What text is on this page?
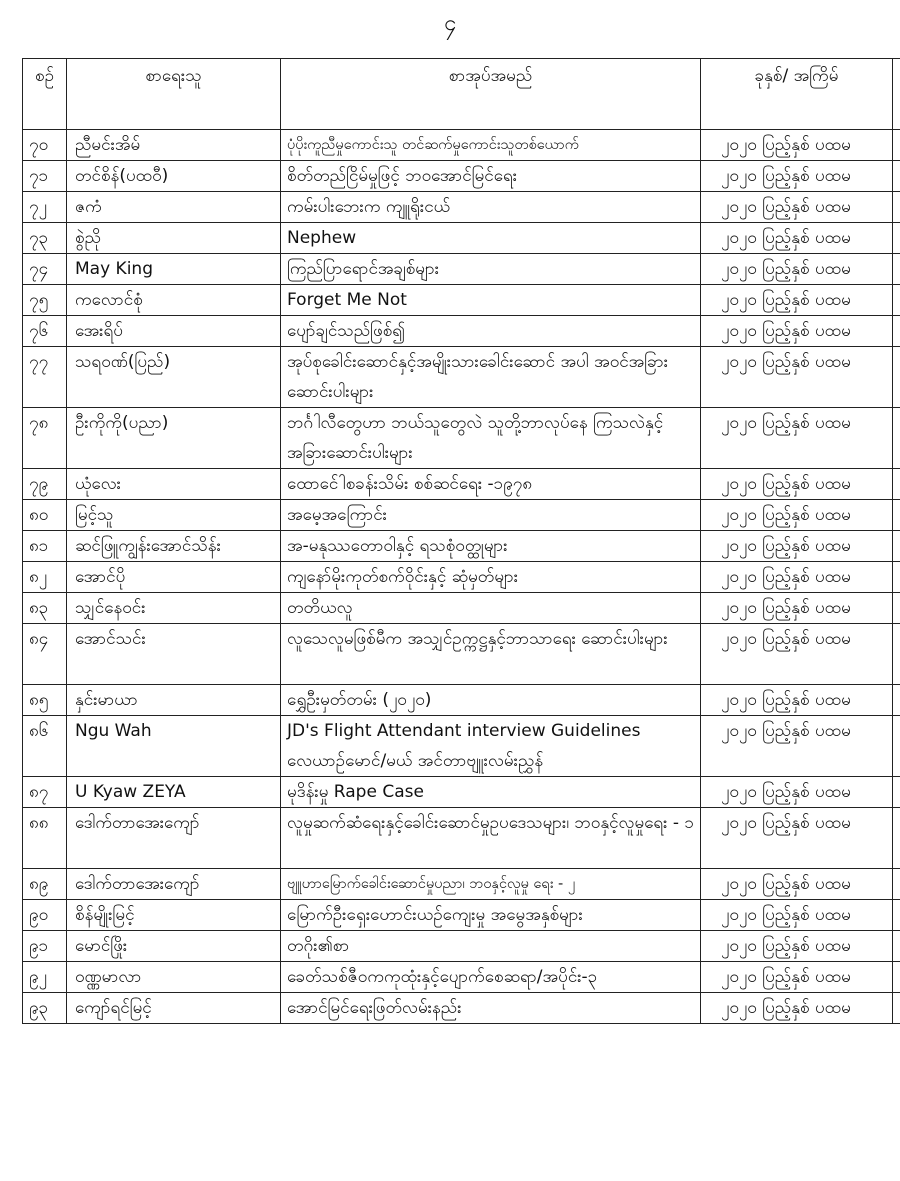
၄
စဉ်	စာရေးသူ	စာအုပ်အမည်	ခုနှစ်/ အကြိမ်	
၇၀	ညီမင်းအိမ်	ပုံပိုးကူညီမှုကောင်းသူ တင်ဆက်မှုကောင်းသူတစ်ယောက်	၂၀၂၀ ပြည့်နှစ် ပထမ	
၇၁	တင်စိန်(ပထဝီ)	စိတ်တည်ငြိမ်မှုဖြင့် ဘဝအောင်မြင်ရေး	၂၀၂၀ ပြည့်နှစ် ပထမ	
၇၂	ဇကံ	ကမ်းပါးဘေးက ကျူရိုးငယ်	၂၀၂၀ ပြည့်နှစ် ပထမ	
၇၃	စွဲညို	Nephew	၂၀၂၀ ပြည့်နှစ် ပထမ	
၇၄	May King	ကြည်ပြာရောင်အချစ်များ	၂၀၂၀ ပြည့်နှစ် ပထမ	
၇၅	ကလောင်စုံ	Forget Me Not	၂၀၂၀ ပြည့်နှစ် ပထမ	
၇၆	အေးရိပ်	ပျော်ချင်သည်ဖြစ်၍	၂၀၂၀ ပြည့်နှစ် ပထမ	
၇၇	သရဝဏ်(ပြည်)	အုပ်စုခေါင်းဆောင်နှင့်အမျိုးသားခေါင်းဆောင် အပါ အဝင်အခြားဆောင်းပါးများ	၂၀၂၀ ပြည့်နှစ် ပထမ	
၇၈	ဦးကိုကို(ပညာ)	ဘင်္ဂါလီတွေဟာ ဘယ်သူတွေလဲ သူတို့ဘာလုပ်နေ ကြသလဲနှင့် အခြားဆောင်းပါးများ	၂၀၂၀ ပြည့်နှစ် ပထမ	
၇၉	ယုံလေး	ထောင်ေါစခန်းသိမ်း စစ်ဆင်ရေး -၁၉၇၈	၂၀၂၀ ပြည့်နှစ် ပထမ	
၈၀	မြင့်သူ	အမေ့အကြောင်း	၂၀၂၀ ပြည့်နှစ် ပထမ	
၈၁	ဆင်ဖြူကျွန်းအောင်သိန်း	အ-မနုဿတောဝါနှင့် ရသစုံဝတ္ထုများ	၂၀၂၀ ပြည့်နှစ် ပထမ	
၈၂	အောင်ပို	ကျနော်မိုးကုတ်စက်ဝိုင်းနှင့် ဆုံမှတ်များ	၂၀၂၀ ပြည့်နှစ် ပထမ	
၈၃	သျှင်နေဝင်း	တတိယလူ	၂၀၂၀ ပြည့်နှစ် ပထမ	
၈၄	အောင်သင်း	လူသေလူမဖြစ်မီက အသျှင်ဥက္ကဋ္ဌနှင့်ဘာသာရေး ဆောင်းပါးများ	၂၀၂၀ ပြည့်နှစ် ပထမ	
၈၅	နှင်းမာယာ	ရွှေဦးမှတ်တမ်း (၂၀၂၀)	၂၀၂၀ ပြည့်နှစ် ပထမ	
၈၆	Ngu Wah	JD's Flight Attendant interview Guidelines လေယာဉ်မောင်/မယ် အင်တာဗျူးလမ်းညွှန်	၂၀၂၀ ပြည့်နှစ် ပထမ	
၈၇	U Kyaw ZEYA	မုဒိန်းမှု Rape Case	၂၀၂၀ ပြည့်နှစ် ပထမ	
၈၈	ဒေါက်တာအေးကျော်	လူမှုဆက်ဆံရေးနှင့်ခေါင်းဆောင်မှုဥပဒေသများ၊ ဘဝနှင့်လူမှုရေး - ၁	၂၀၂၀ ပြည့်နှစ် ပထမ	
၈၉	ဒေါက်တာအေးကျော်	ဗျူဟာမြောက်ခေါင်းဆောင်မှုပညာ၊ ဘဝနှင့်လူမှု ရေး - ၂	၂၀၂၀ ပြည့်နှစ် ပထမ	
၉၀	စိန်မျိုးမြင့်	မြောက်ဦးရှေးဟောင်းယဉ်ကျေးမှု အမွေအနှစ်များ	၂၀၂၀ ပြည့်နှစ် ပထမ	
၉၁	မောင်ဖြိုး	တဂိုး၏စာ	၂၀၂၀ ပြည့်နှစ် ပထမ	
၉၂	ဝဏ္ဏမာလာ	ခေတ်သစ်ဇီဝကကုထုံးနှင့်ပျောက်စေဆရာ/အပိုင်း-၃	၂၀၂၀ ပြည့်နှစ် ပထမ	
၉၃	ကျော်ရင်မြင့်	အောင်မြင်ရေးဖြတ်လမ်းနည်း	၂၀၂၀ ပြည့်နှစ် ပထမ	
